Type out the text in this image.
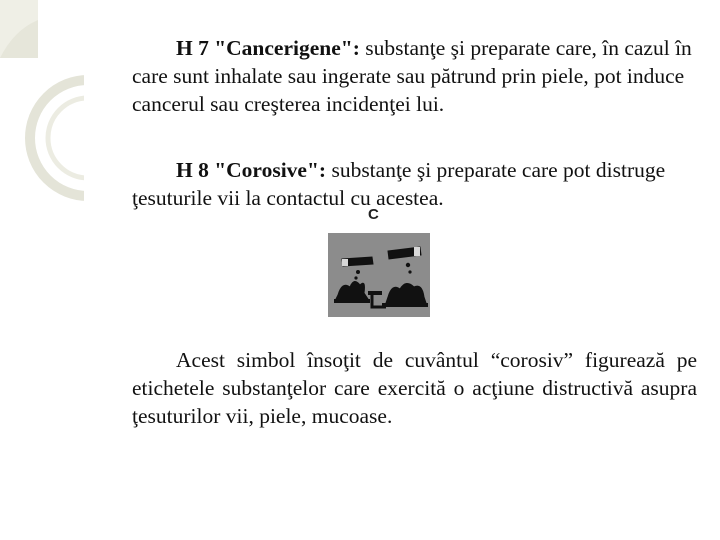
H 7 "Cancerigene": substanţe şi preparate care, în cazul în care sunt inhalate sau ingerate sau pătrund prin piele, pot induce cancerul sau creşterea incidenţei lui.

H 8 "Corosive": substanţe şi preparate care pot distruge ţesuturile vii la contactul cu acestea.

C

Acest simbol însoţit de cuvântul “corosiv” figurează pe etichetele substanţelor care exercită o acţiune distructivă asupra ţesuturilor vii, piele, mucoase.
